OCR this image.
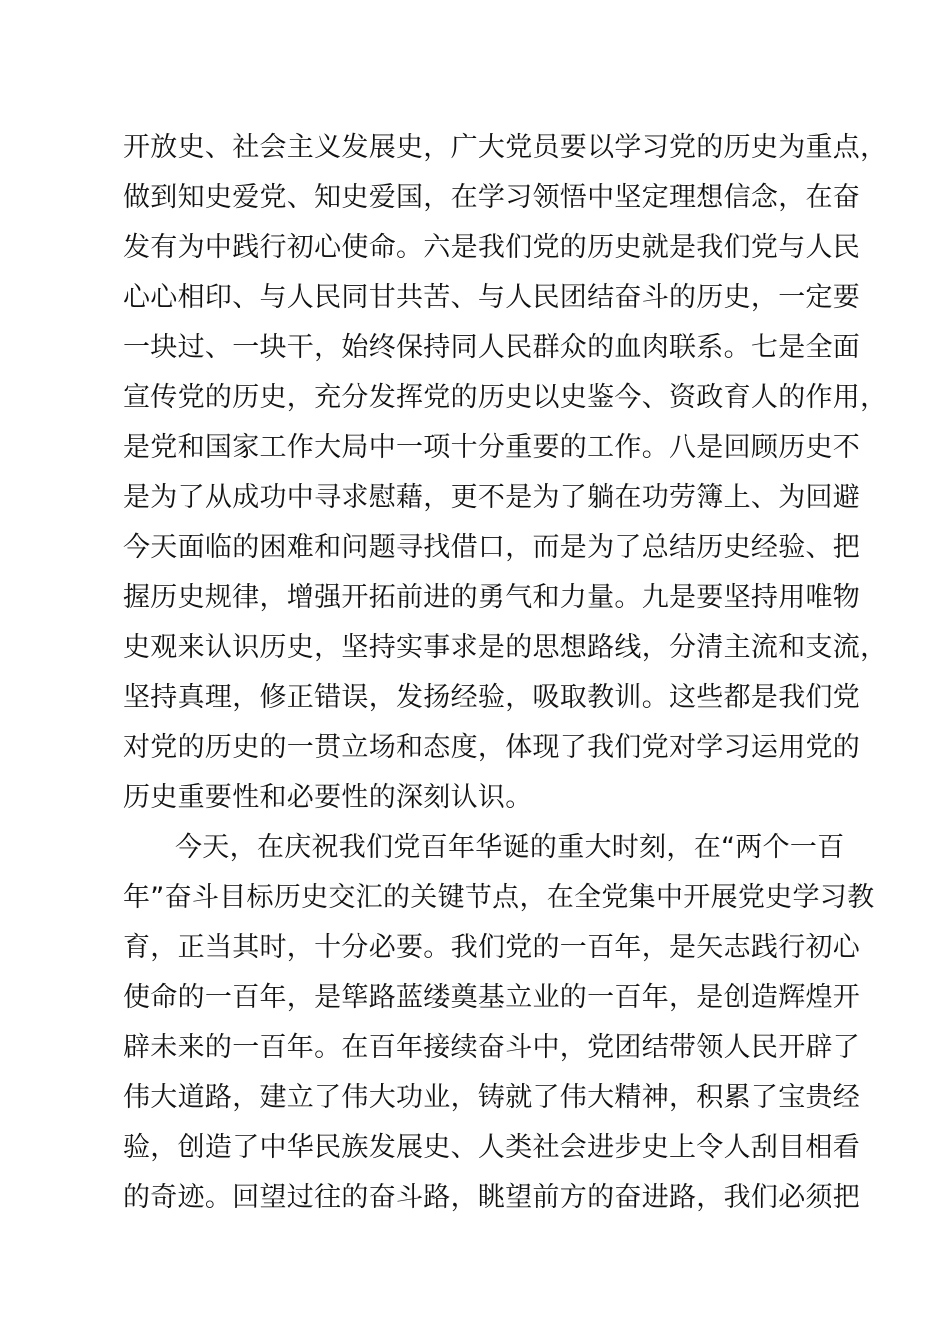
开放史、社会主义发展史，广大党员要以学习党的历史为重点，
做到知史爱党、知史爱国，在学习领悟中坚定理想信念，在奋
发有为中践行初心使命。六是我们党的历史就是我们党与人民
心心相印、与人民同甘共苦、与人民团结奋斗的历史，一定要
一块过、一块干，始终保持同人民群众的血肉联系。七是全面
宣传党的历史，充分发挥党的历史以史鉴今、资政育人的作用，
是党和国家工作大局中一项十分重要的工作。八是回顾历史不
是为了从成功中寻求慰藉，更不是为了躺在功劳簿上、为回避
今天面临的困难和问题寻找借口，而是为了总结历史经验、把
握历史规律，增强开拓前进的勇气和力量。九是要坚持用唯物
史观来认识历史，坚持实事求是的思想路线，分清主流和支流，
坚持真理，修正错误，发扬经验，吸取教训。这些都是我们党
对党的历史的一贯立场和态度，体现了我们党对学习运用党的
历史重要性和必要性的深刻认识。
今天，在庆祝我们党百年华诞的重大时刻，在“两个一百
年”奋斗目标历史交汇的关键节点，在全党集中开展党史学习教
育，正当其时，十分必要。我们党的一百年，是矢志践行初心
使命的一百年，是筚路蓝缕奠基立业的一百年，是创造辉煌开
辟未来的一百年。在百年接续奋斗中，党团结带领人民开辟了
伟大道路，建立了伟大功业，铸就了伟大精神，积累了宝贵经
验，创造了中华民族发展史、人类社会进步史上令人刮目相看
的奇迹。回望过往的奋斗路，眺望前方的奋进路，我们必须把
